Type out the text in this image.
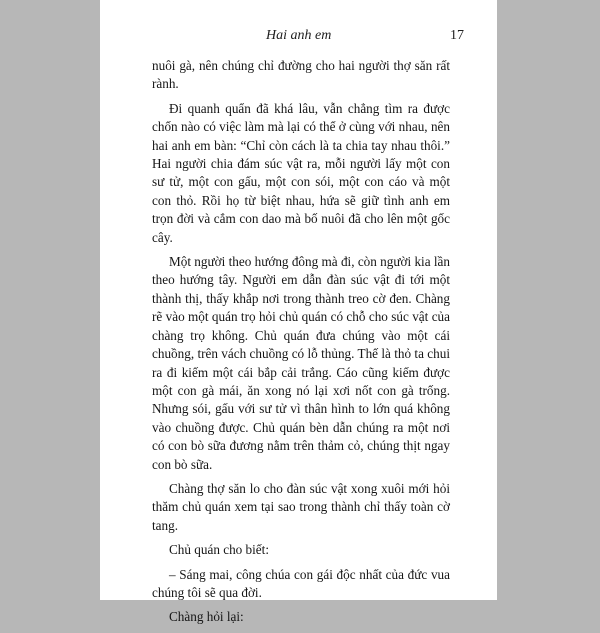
Hai anh em	17

nuôi gà, nên chúng chỉ đường cho hai người thợ săn rất rành.

Đi quanh quẩn đã khá lâu, vẫn chẳng tìm ra được chốn nào có việc làm mà lại có thể ở cùng với nhau, nên hai anh em bàn: “Chỉ còn cách là ta chia tay nhau thôi.” Hai người chia đám súc vật ra, mỗi người lấy một con sư tử, một con gấu, một con sói, một con cáo và một con thỏ. Rồi họ từ biệt nhau, hứa sẽ giữ tình anh em trọn đời và cắm con dao mà bố nuôi đã cho lên một gốc cây.

Một người theo hướng đông mà đi, còn người kia lần theo hướng tây. Người em dẫn đàn súc vật đi tới một thành thị, thấy khắp nơi trong thành treo cờ đen. Chàng rẽ vào một quán trọ hỏi chủ quán có chỗ cho súc vật của chàng trọ không. Chủ quán đưa chúng vào một cái chuồng, trên vách chuồng có lỗ thủng. Thế là thỏ ta chui ra đi kiếm một cái bắp cải trắng. Cáo cũng kiếm được một con gà mái, ăn xong nó lại xơi nốt con gà trống. Nhưng sói, gấu với sư tử vì thân hình to lớn quá không vào chuồng được. Chủ quán bèn dẫn chúng ra một nơi có con bò sữa đương nằm trên thảm cỏ, chúng thịt ngay con bò sữa.

Chàng thợ săn lo cho đàn súc vật xong xuôi mới hỏi thăm chủ quán xem tại sao trong thành chỉ thấy toàn cờ tang.

Chủ quán cho biết:

– Sáng mai, công chúa con gái độc nhất của đức vua chúng tôi sẽ qua đời.

Chàng hỏi lại:
